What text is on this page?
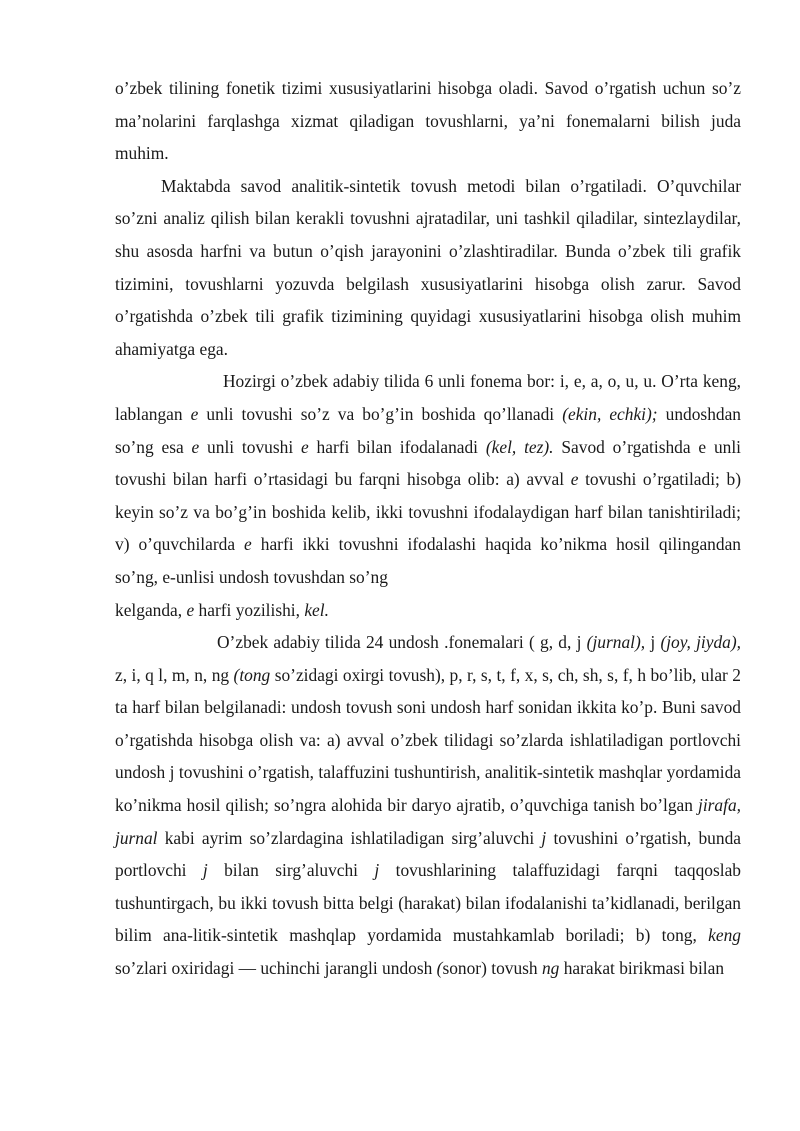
o’zbek tilining fonetik tizimi xususiyatlarini hisobga oladi. Savod o’rgatish uchun so’z ma’nolarini farqlashga xizmat qiladigan tovushlarni, ya’ni fonemalarni bilish juda muhim.

Maktabda savod analitik-sintetik tovush metodi bilan o’rgatiladi. O’quvchilar so’zni analiz qilish bilan kerakli tovushni ajratadilar, uni tashkil qiladilar, sintezlaydilar, shu asosda harfni va butun o’qish jarayonini o’zlashtiradilar. Bunda o’zbek tili grafik tizimini, tovushlarni yozuvda belgilash xususiyatlarini hisobga olish zarur. Savod o’rgatishda o’zbek tili grafik tizimining quyidagi xususiyatlarini hisobga olish muhim ahamiyatga ega.

Hozirgi o’zbek adabiy tilida 6 unli fonema bor: i, e, a, o, u, u. O’rta keng, lablangan e unli tovushi so’z va bo’g’in boshida qo’llanadi (ekin, echki); undoshdan so’ng esa e unli tovushi e harfi bilan ifodalanadi (kel, tez). Savod o’rgatishda e unli tovushi bilan harfi o’rtasidagi bu farqni hisobga olib: a) avval e tovushi o’rgatiladi; b) keyin so’z va bo’g’in boshida kelib, ikki tovushni ifodalaydigan harf bilan tanishtiriladi; v) o’quvchilarda e harfi ikki tovushni ifodalashi haqida ko’nikma hosil qilingandan so’ng, e-unlisi undosh tovushdan so’ng

kelganda, e harfi yozilishi, kel.

O’zbek adabiy tilida 24 undosh .fonemalari ( g, d, j (jurnal), j (joy, jiyda), z, i, q l, m, n, ng (tong so’zidagi oxirgi tovush), p, r, s, t, f, x, s, ch, sh, s, f, h bo’lib, ular 2 ta harf bilan belgilanadi: undosh tovush soni undosh harf sonidan ikkita ko’p. Buni savod o’rgatishda hisobga olish va: a) avval o’zbek tilidagi so’zlarda ishlatiladigan portlovchi undosh j tovushini o’rgatish, talaffuzini tushuntirish, analitik-sintetik mashqlar yordamida ko’nikma hosil qilish; so’ngra alohida bir daryo ajratib, o’quvchiga tanish bo’lgan jirafa, jurnal kabi ayrim so’zlardagina ishlatiladigan sirg’aluvchi j tovushini o’rgatish, bunda portlovchi j bilan sirg’aluvchi j tovushlarining talaffuzidagi farqni taqqoslab tushuntirgach, bu ikki tovush bitta belgi (harakat) bilan ifodalanishi ta’kidlanadi, berilgan bilim ana-litik-sintetik mashqlap yordamida mustahkamlab boriladi; b) tong, keng so’zlari oxiridagi — uchinchi jarangli undosh (sonor) tovush ng harakat birikmasi bilan
